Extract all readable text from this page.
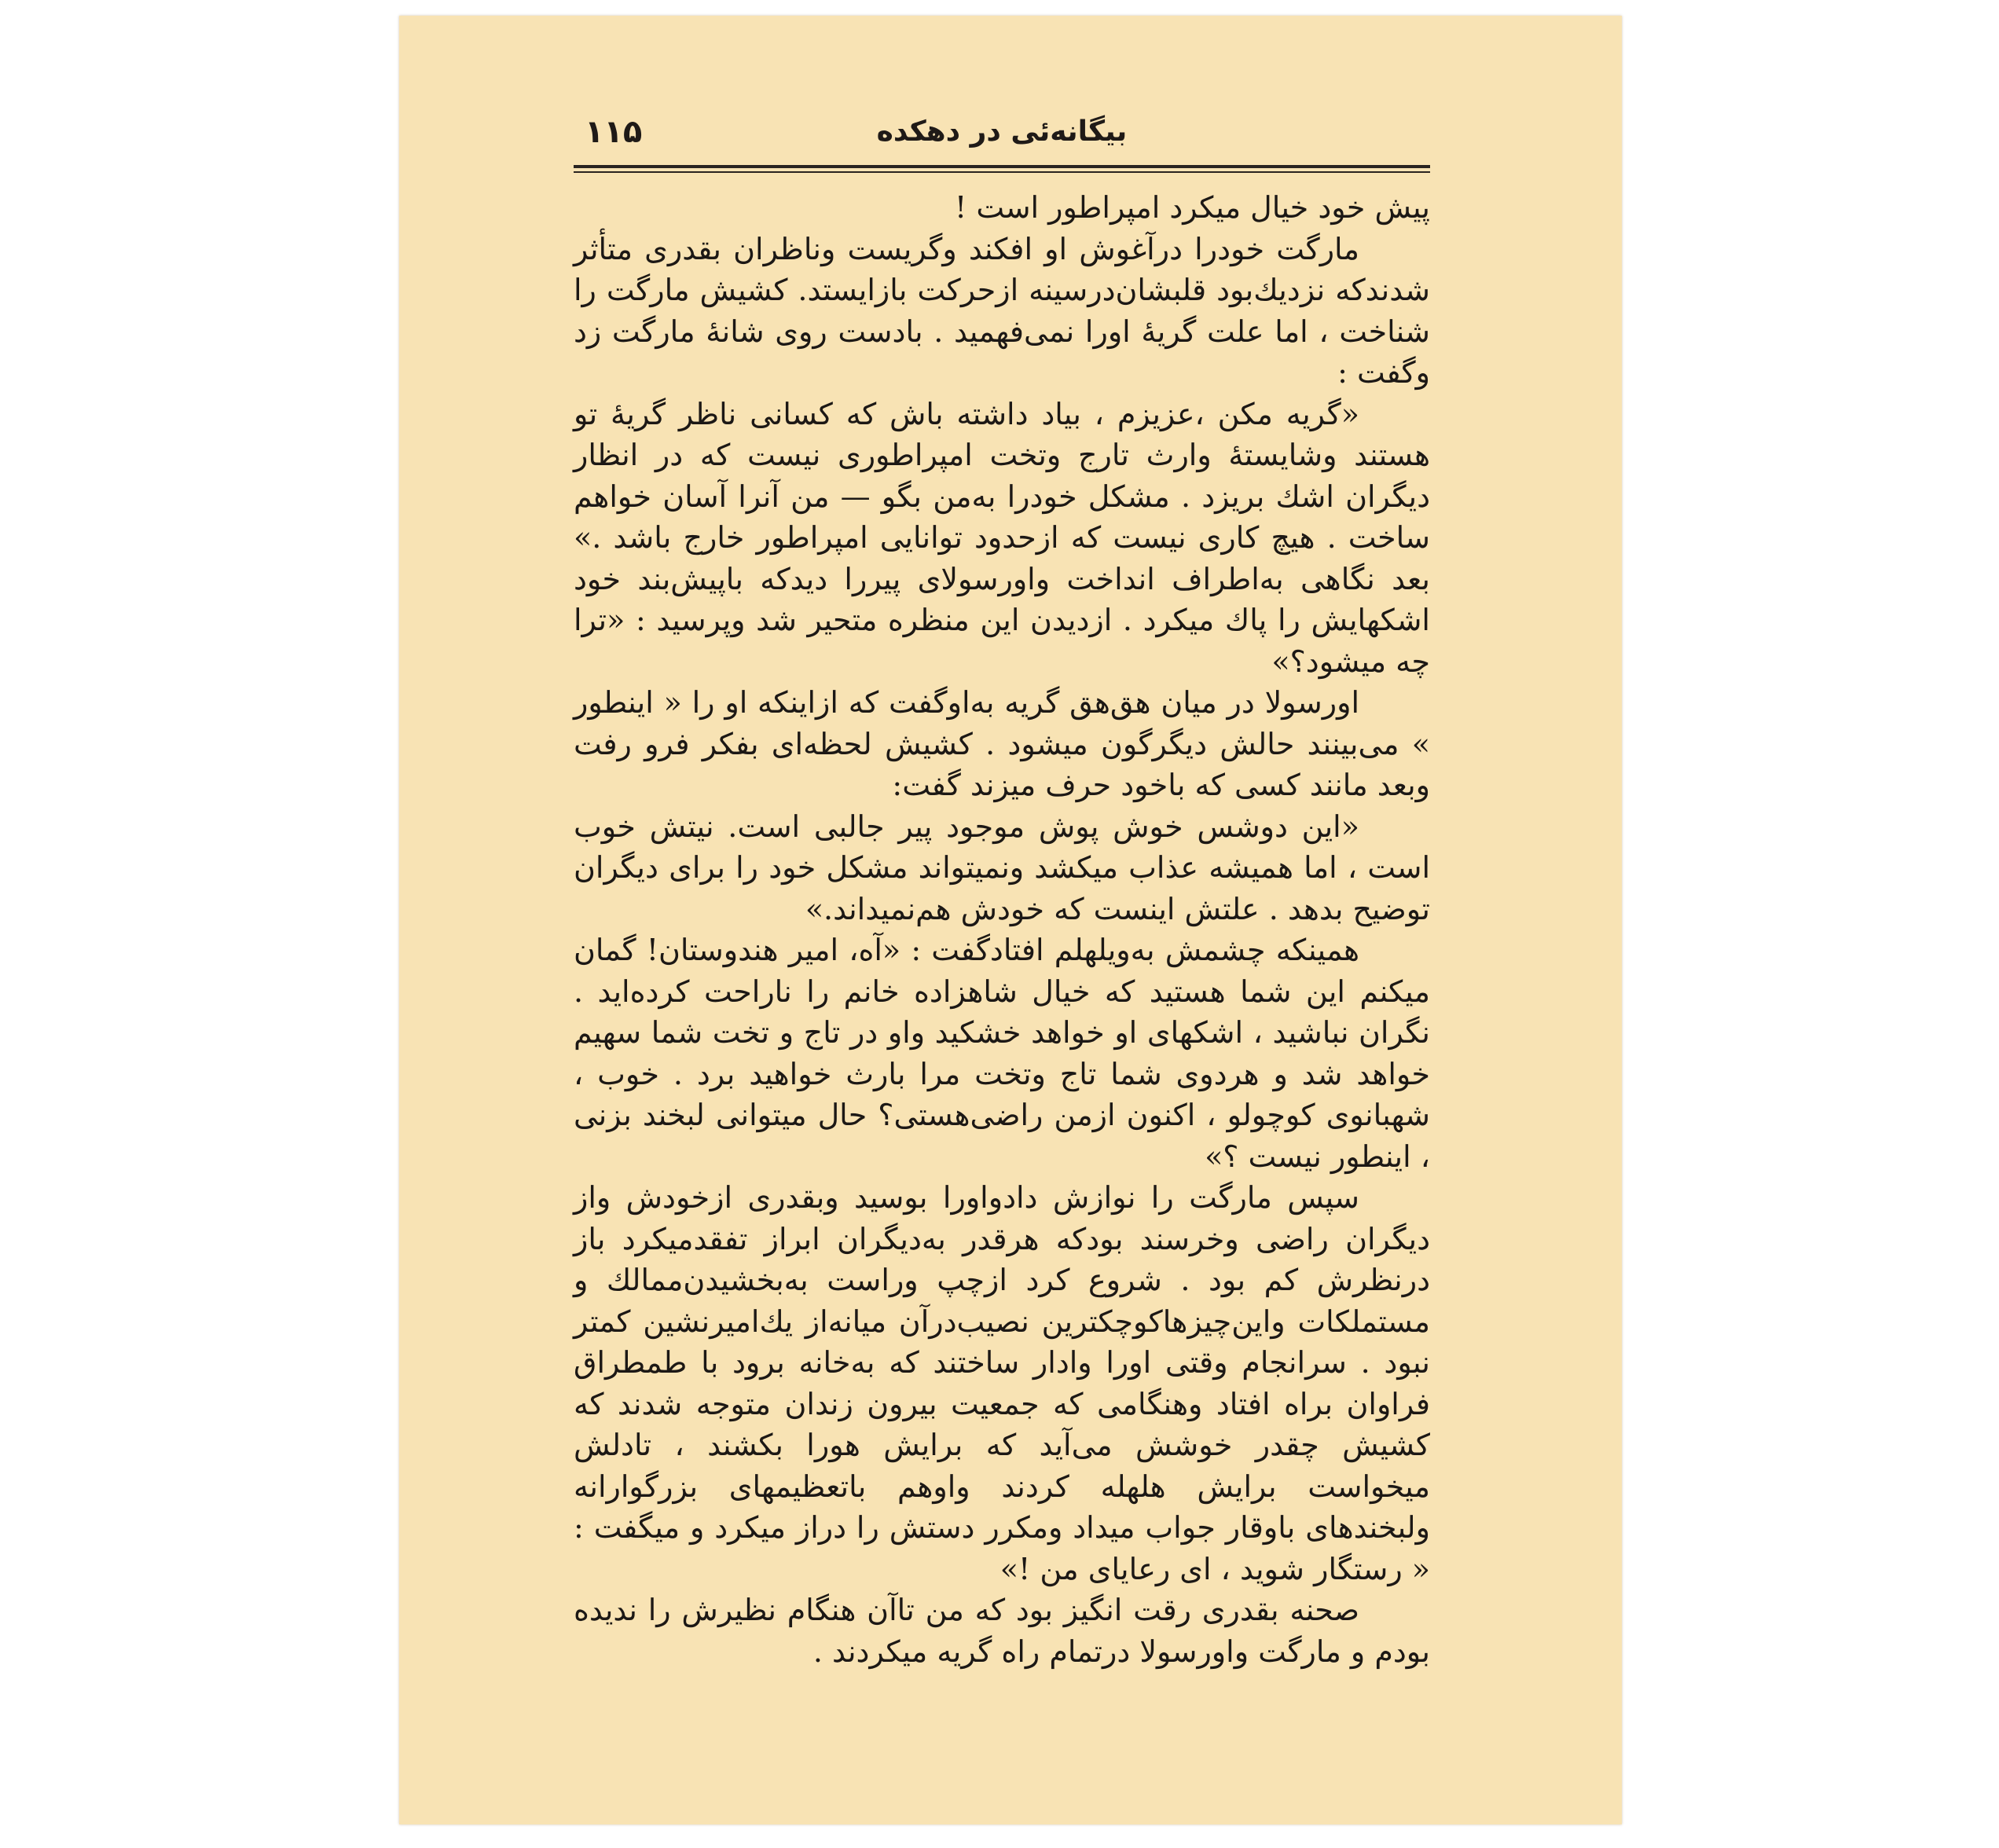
بیگانه‌ئی در دهکده
۱۱۵

پیش خود خیال میکرد امپراطور است !

مارگت خودرا درآغوش او افکند وگریست وناظران بقدری متأثر شدندکه نزدیك‌بود قلبشان‌درسینه ازحرکت بازایستد. کشیش مارگت را شناخت ، اما علت گریهٔ اورا نمی‌فهمید . بادست روی شانهٔ مارگت زد وگفت :

«گریه مکن ،عزیزم ، بیاد داشته باش که کسانی ناظر گریهٔ تو هستند وشایستهٔ وارث تارج وتخت امپراطوری نیست که در انظار دیگران اشك بریزد . مشکل خودرا به‌من بگو — من آنرا آسان خواهم ساخت . هیچ کاری نیست که ازحدود توانایی امپراطور خارج باشد .» بعد نگاهی به‌اطراف انداخت واورسولای پیررا دیدکه باپیش‌بند خود اشکهایش را پاك میکرد . ازدیدن این منظره متحیر شد وپرسید : «ترا چه میشود؟»

اورسولا در میان هق‌هق گریه به‌اوگفت که ازاینکه او را « اینطور » می‌بینند حالش دیگرگون میشود . کشیش لحظه‌ای بفکر فرو رفت وبعد مانند کسی که باخود حرف میزند گفت:

«این دوشس خوش پوش موجود پیر جالبی است. نیتش خوب است ، اما همیشه عذاب میکشد ونمیتواند مشکل خود را برای دیگران توضیح بدهد . علتش اینست که خودش هم‌نمیداند.»

همینکه چشمش به‌ویلهلم افتادگفت : «آه، امیر هندوستان! گمان میکنم این شما هستید که خیال شاهزاده خانم را ناراحت کرده‌اید . نگران نباشید ، اشکهای او خواهد خشکید واو در تاج و تخت شما سهیم خواهد شد و هردوی شما تاج وتخت مرا بارث خواهید برد . خوب ، شهبانوی کوچولو ، اکنون ازمن راضی‌هستی؟ حال میتوانی لبخند بزنی ، اینطور نیست ؟»

سپس مارگت را نوازش دادواورا بوسید وبقدری ازخودش واز دیگران راضی وخرسند بودکه هرقدر به‌دیگران ابراز تفقدمیکرد باز درنظرش کم بود . شروع کرد ازچپ وراست به‌بخشیدن‌ممالك و مستملکات واین‌چیزهاکوچکترین نصیب‌درآن میانه‌از یك‌امیرنشین کمتر نبود . سرانجام وقتی اورا وادار ساختند که به‌خانه برود با طمطراق فراوان براه افتاد وهنگامی که جمعیت بیرون زندان متوجه شدند که کشیش چقدر خوشش می‌آید که برایش هورا بکشند ، تادلش میخواست برایش هلهله کردند واوهم باتعظیمهای بزرگوارانه ولبخندهای باوقار جواب میداد ومکرر دستش را دراز میکرد و میگفت : « رستگار شوید ، ای رعایای من !»

صحنه بقدری رقت انگیز بود که من تاآن هنگام نظیرش را ندیده بودم و مارگت واورسولا درتمام راه گریه میکردند .
